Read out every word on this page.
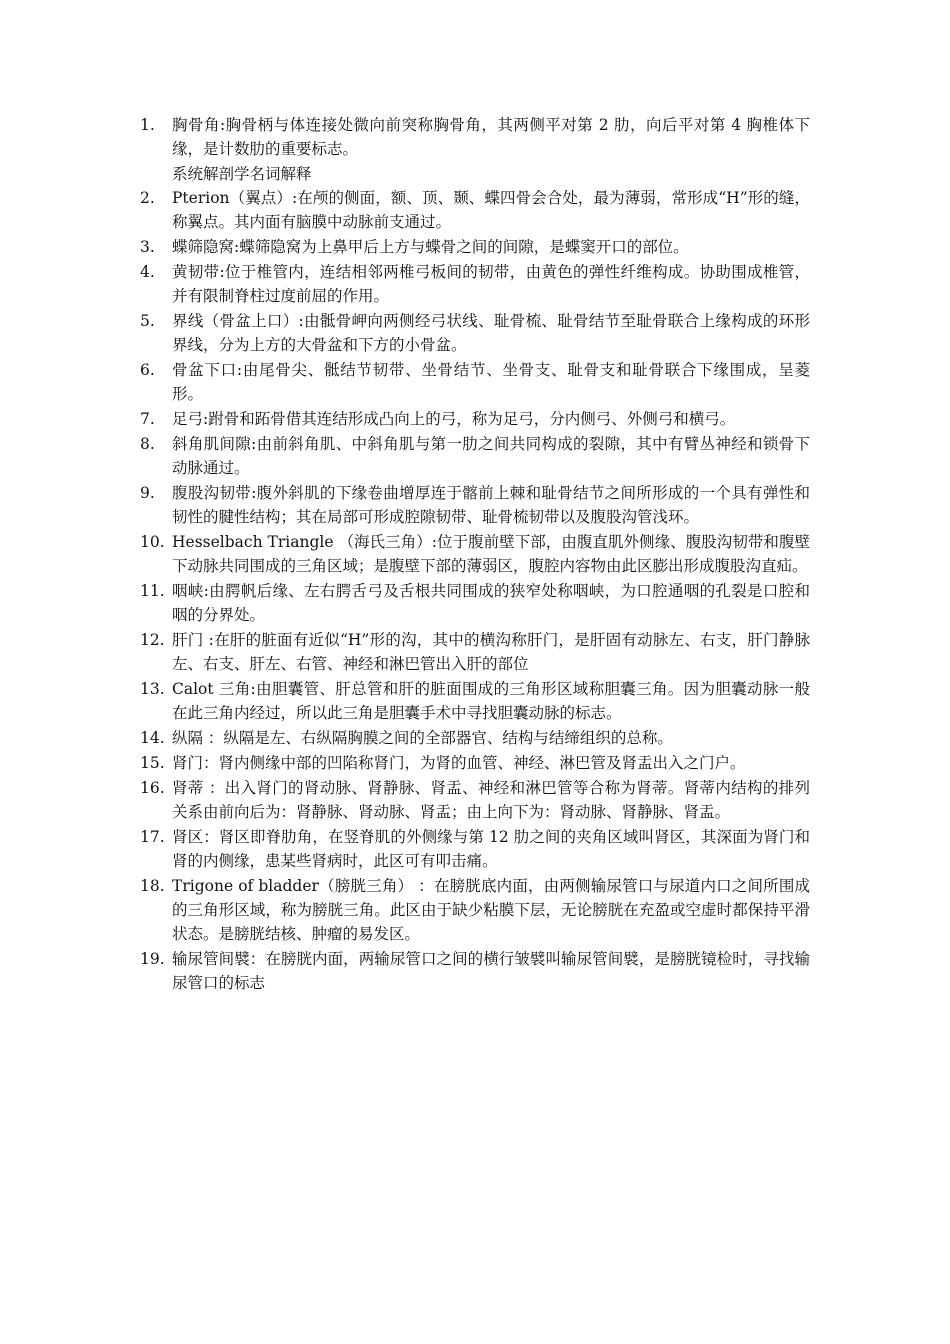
1.	胸骨角:胸骨柄与体连接处微向前突称胸骨角，其两侧平对第 2 肋，向后平对第 4 胸椎体下缘，是计数肋的重要标志。
系统解剖学名词解释
2.	Pterion（翼点）:在颅的侧面，额、顶、颞、蝶四骨会合处，最为薄弱，常形成“H”形的缝，称翼点。其内面有脑膜中动脉前支通过。
3.	蝶筛隐窝:蝶筛隐窝为上鼻甲后上方与蝶骨之间的间隙，是蝶窦开口的部位。
4.	黄韧带:位于椎管内，连结相邻两椎弓板间的韧带，由黄色的弹性纤维构成。协助围成椎管，并有限制脊柱过度前屈的作用。
5.	界线（骨盆上口）:由骶骨岬向两侧经弓状线、耻骨梳、耻骨结节至耻骨联合上缘构成的环形界线，分为上方的大骨盆和下方的小骨盆。
6.	骨盆下口:由尾骨尖、骶结节韧带、坐骨结节、坐骨支、耻骨支和耻骨联合下缘围成，呈菱形。
7.	足弓:跗骨和跖骨借其连结形成凸向上的弓，称为足弓，分内侧弓、外侧弓和横弓。
8.	斜角肌间隙:由前斜角肌、中斜角肌与第一肋之间共同构成的裂隙，其中有臂丛神经和锁骨下动脉通过。
9.	腹股沟韧带:腹外斜肌的下缘卷曲增厚连于髂前上棘和耻骨结节之间所形成的一个具有弹性和韧性的腱性结构；其在局部可形成腔隙韧带、耻骨梳韧带以及腹股沟管浅环。
10. Hesselbach Triangle （海氏三角）:位于腹前壁下部，由腹直肌外侧缘、腹股沟韧带和腹壁下动脉共同围成的三角区域；是腹壁下部的薄弱区，腹腔内容物由此区膨出形成腹股沟直疝。
11. 咽峡:由腭帆后缘、左右腭舌弓及舌根共同围成的狭窄处称咽峡，为口腔通咽的孔裂是口腔和咽的分界处。
12. 肝门 :在肝的脏面有近似“H”形的沟，其中的横沟称肝门，是肝固有动脉左、右支，肝门静脉左、右支、肝左、右管、神经和淋巴管出入肝的部位
13. Calot 三角:由胆囊管、肝总管和肝的脏面围成的三角形区域称胆囊三角。因为胆囊动脉一般在此三角内经过，所以此三角是胆囊手术中寻找胆囊动脉的标志。
14. 纵隔 ：纵隔是左、右纵隔胸膜之间的全部器官、结构与结缔组织的总称。
15. 肾门：肾内侧缘中部的凹陷称肾门，为肾的血管、神经、淋巴管及肾盂出入之门户。
16. 肾蒂 ：出入肾门的肾动脉、肾静脉、肾盂、神经和淋巴管等合称为肾蒂。肾蒂内结构的排列关系由前向后为：肾静脉、肾动脉、肾盂；由上向下为：肾动脉、肾静脉、肾盂。
17. 肾区：肾区即脊肋角，在竖脊肌的外侧缘与第 12 肋之间的夹角区域叫肾区，其深面为肾门和肾的内侧缘，患某些肾病时，此区可有叩击痛。
18. Trigone of bladder（膀胱三角） ：在膀胱底内面，由两侧输尿管口与尿道内口之间所围成的三角形区域，称为膀胱三角。此区由于缺少粘膜下层，无论膀胱在充盈或空虚时都保持平滑状态。是膀胱结核、肿瘤的易发区。
19. 输尿管间襞：在膀胱内面，两输尿管口之间的横行皱襞叫输尿管间襞，是膀胱镜检时，寻找输尿管口的标志
